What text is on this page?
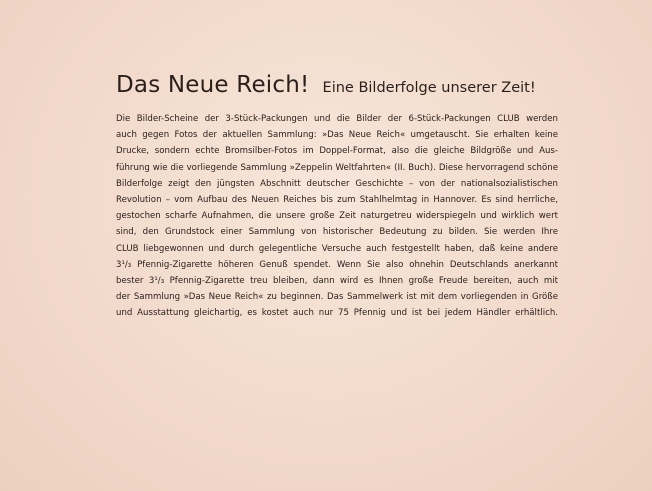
Das Neue Reich! Eine Bilderfolge unserer Zeit!
Die Bilder-Scheine der 3-Stück-Packungen und die Bilder der 6-Stück-Packungen CLUB werden
auch gegen Fotos der aktuellen Sammlung: »Das Neue Reich« umgetauscht. Sie erhalten keine
Drucke, sondern echte Bromsilber-Fotos im Doppel-Format, also die gleiche Bildgröße und Aus-
führung wie die vorliegende Sammlung »Zeppelin Weltfahrten« (II. Buch). Diese hervorragend schöne
Bilderfolge zeigt den jüngsten Abschnitt deutscher Geschichte – von der nationalsozialistischen
Revolution – vom Aufbau des Neuen Reiches bis zum Stahlhelmtag in Hannover. Es sind herrliche,
gestochen scharfe Aufnahmen, die unsere große Zeit naturgetreu widerspiegeln und wirklich wert
sind, den Grundstock einer Sammlung von historischer Bedeutung zu bilden. Sie werden Ihre
CLUB liebgewonnen und durch gelegentliche Versuche auch festgestellt haben, daß keine andere
3¹/₃ Pfennig-Zigarette höheren Genuß spendet. Wenn Sie also ohnehin Deutschlands anerkannt
bester 3¹/₃ Pfennig-Zigarette treu bleiben, dann wird es Ihnen große Freude bereiten, auch mit
der Sammlung »Das Neue Reich« zu beginnen. Das Sammelwerk ist mit dem vorliegenden in Größe
und Ausstattung gleichartig, es kostet auch nur 75 Pfennig und ist bei jedem Händler erhältlich.
